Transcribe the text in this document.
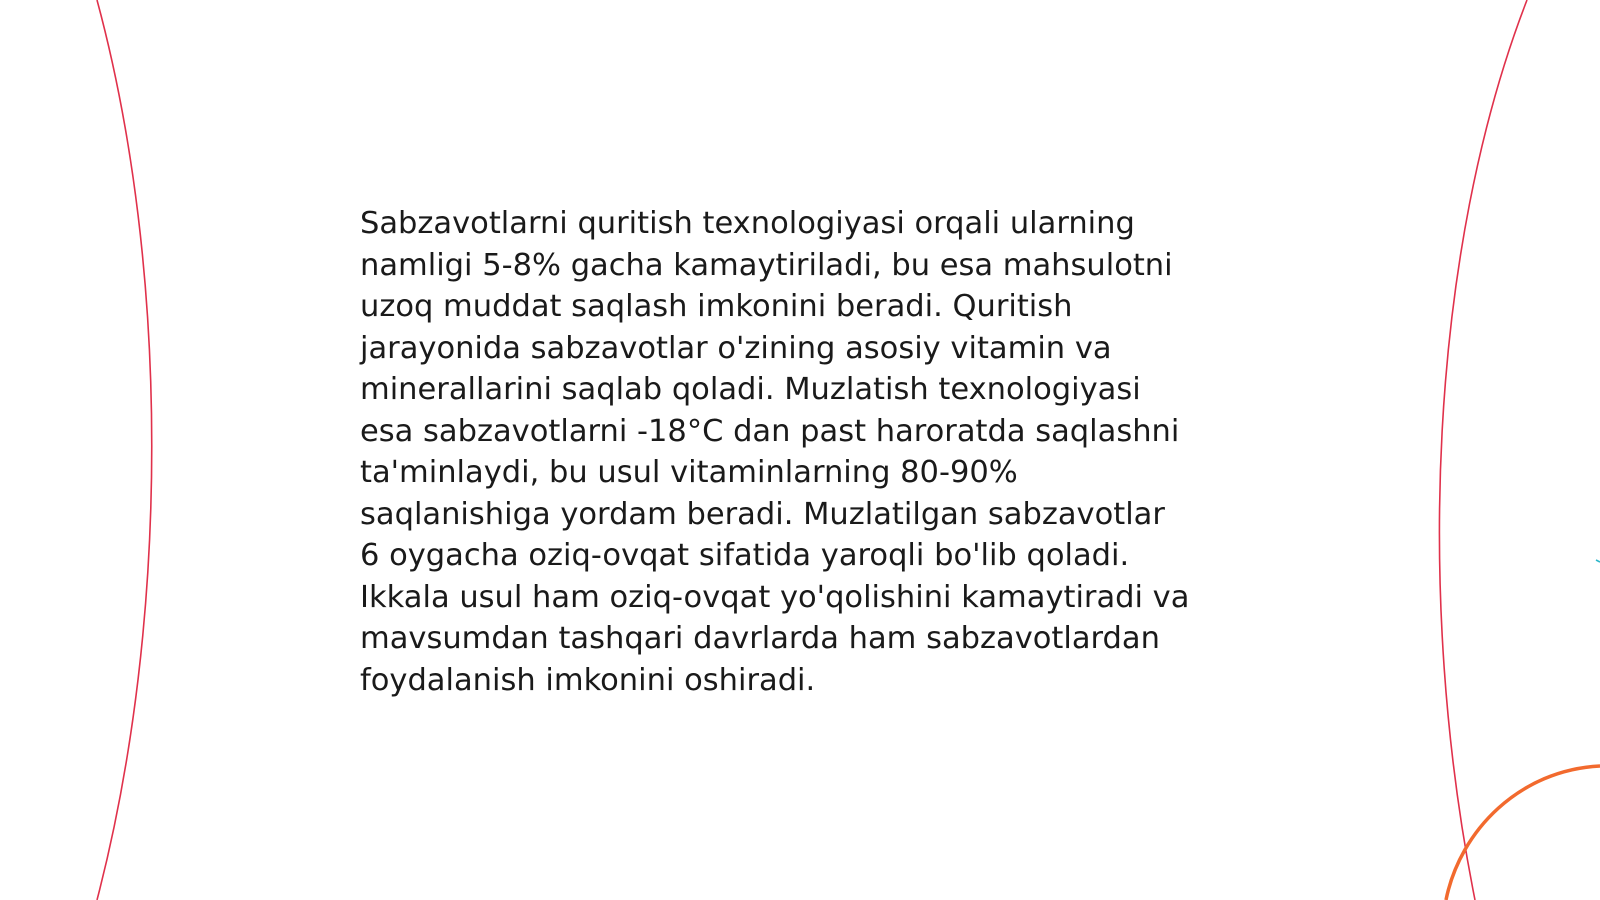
Sabzavotlarni quritish texnologiyasi orqali ularning
namligi 5-8% gacha kamaytiriladi, bu esa mahsulotni
uzoq muddat saqlash imkonini beradi. Quritish
jarayonida sabzavotlar o'zining asosiy vitamin va
minerallarini saqlab qoladi. Muzlatish texnologiyasi
esa sabzavotlarni -18°C dan past haroratda saqlashni
ta'minlaydi, bu usul vitaminlarning 80-90%
saqlanishiga yordam beradi. Muzlatilgan sabzavotlar
6 oygacha oziq-ovqat sifatida yaroqli bo'lib qoladi.
Ikkala usul ham oziq-ovqat yo'qolishini kamaytiradi va
mavsumdan tashqari davrlarda ham sabzavotlardan
foydalanish imkonini oshiradi.
